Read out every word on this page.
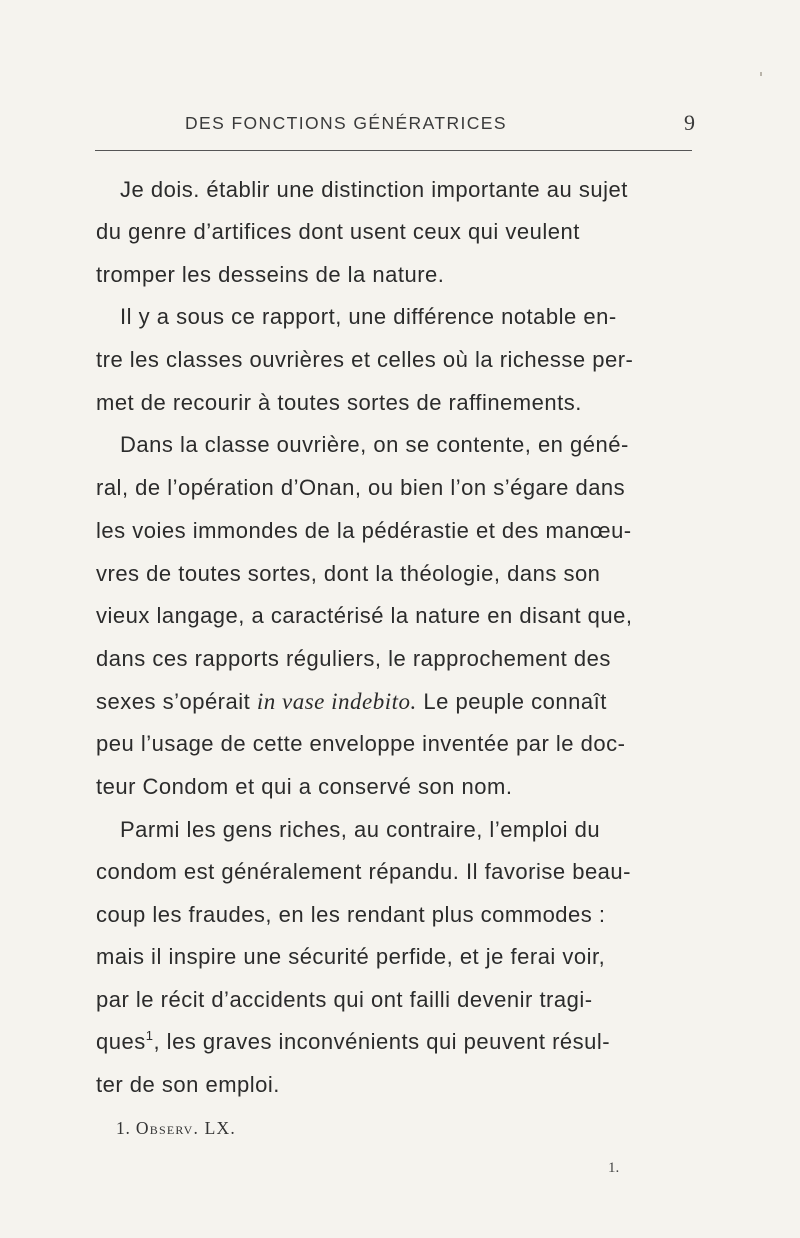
DES FONCTIONS GÉNÉRATRICES	9
Je dois. établir une distinction importante au sujet
du genre d’artifices dont usent ceux qui veulent
tromper les desseins de la nature.
Il y a sous ce rapport, une différence notable en-
tre les classes ouvrières et celles où la richesse per-
met de recourir à toutes sortes de raffinements.
Dans la classe ouvrière, on se contente, en géné-
ral, de l’opération d’Onan, ou bien l’on s’égare dans
les voies immondes de la pédérastie et des manœu-
vres de toutes sortes, dont la théologie, dans son
vieux langage, a caractérisé la nature en disant que,
dans ces rapports réguliers, le rapprochement des
sexes s’opérait in vase indebito. Le peuple connaît
peu l’usage de cette enveloppe inventée par le doc-
teur Condom et qui a conservé son nom.
Parmi les gens riches, au contraire, l’emploi du
condom est généralement répandu. Il favorise beau-
coup les fraudes, en les rendant plus commodes :
mais il inspire une sécurité perfide, et je ferai voir,
par le récit d’accidents qui ont failli devenir tragi-
ques$^1$, les graves inconvénients qui peuvent résul-
ter de son emploi.
1. Observ. LX.
1.
